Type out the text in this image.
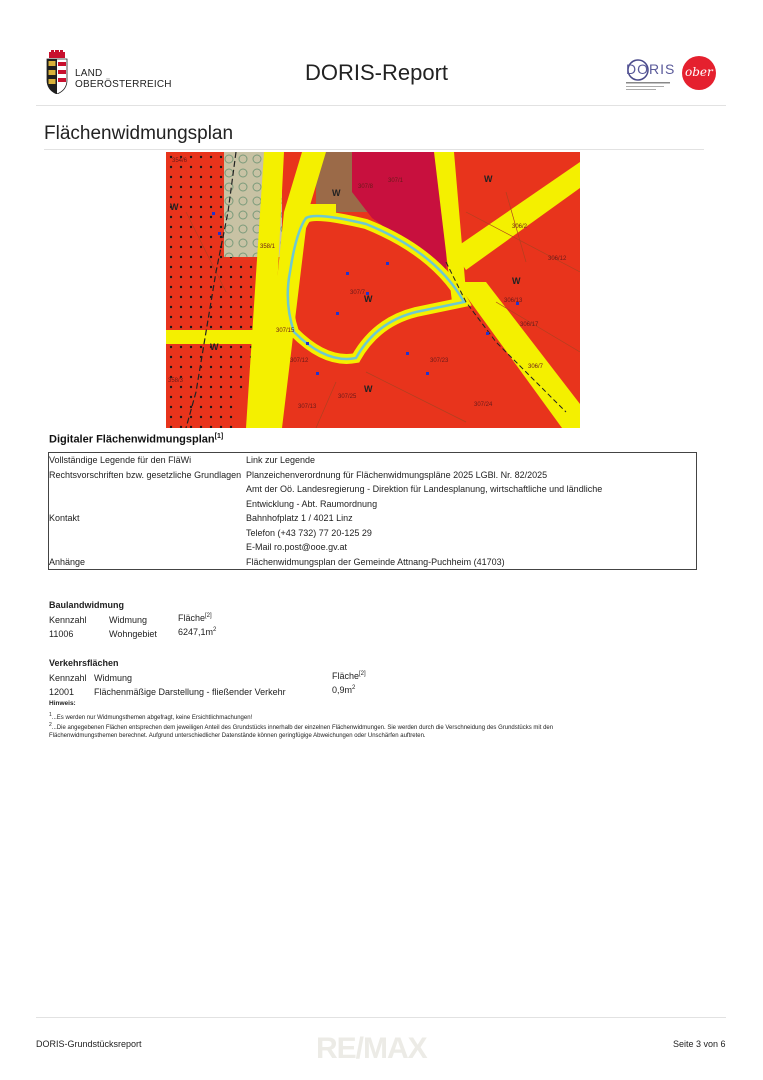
LAND
OBERÖSTERREICH	DORIS-Report	DORIS ober
Flächenwidmungsplan
W
W
W
W
W
W
W
307/1
307/8
307/7
306/2
306/12
307/12
307/13
307/23
307/25
307/24
358/1
358/3
354/6
306/7
306/13
306/17
307/15
Digitaler Flächenwidmungsplan[1]
Vollständige Legende für den FläWi	Link zur Legende
Rechtsvorschriften bzw. gesetzliche Grundlagen	Planzeichenverordnung für Flächenwidmungspläne 2025 LGBl. Nr. 82/2025
Kontakt	Amt der Oö. Landesregierung - Direktion für Landesplanung, wirtschaftliche und ländliche
Entwicklung - Abt. Raumordnung
Bahnhofplatz 1 / 4021 Linz
Telefon (+43 732) 77 20-125 29
E-Mail ro.post@ooe.gv.at

Anhänge	Flächenwidmungsplan der Gemeinde Attnang-Puchheim (41703)
Baulandwidmung
Kennzahl Widmung	Fläche[2]
11006	Wohngebiet $6247,1m^2$
Verkehrsflächen
Kennzahl Widmung	Fläche[2]
12001 Flächenmäßige Darstellung - fließender Verkehr	$0,9m^2$
Hinweis:
$^1$...Es werden nur Widmungsthemen abgefragt, keine Ersichtlichmachungen!
$^2$...Die angegebenen Flächen entsprechen dem jeweiligen Anteil des Grundstücks innerhalb der einzelnen Flächenwidmungen. Sie werden durch die Verschneidung des Grundstücks mit den
Flächenwidmungsthemen berechnet. Aufgrund unterschiedlicher Datenstände können geringfügige Abweichungen oder Unschärfen auftreten.
RE/MAX
DORIS-Grundstücksreport	Seite 3 von 6
